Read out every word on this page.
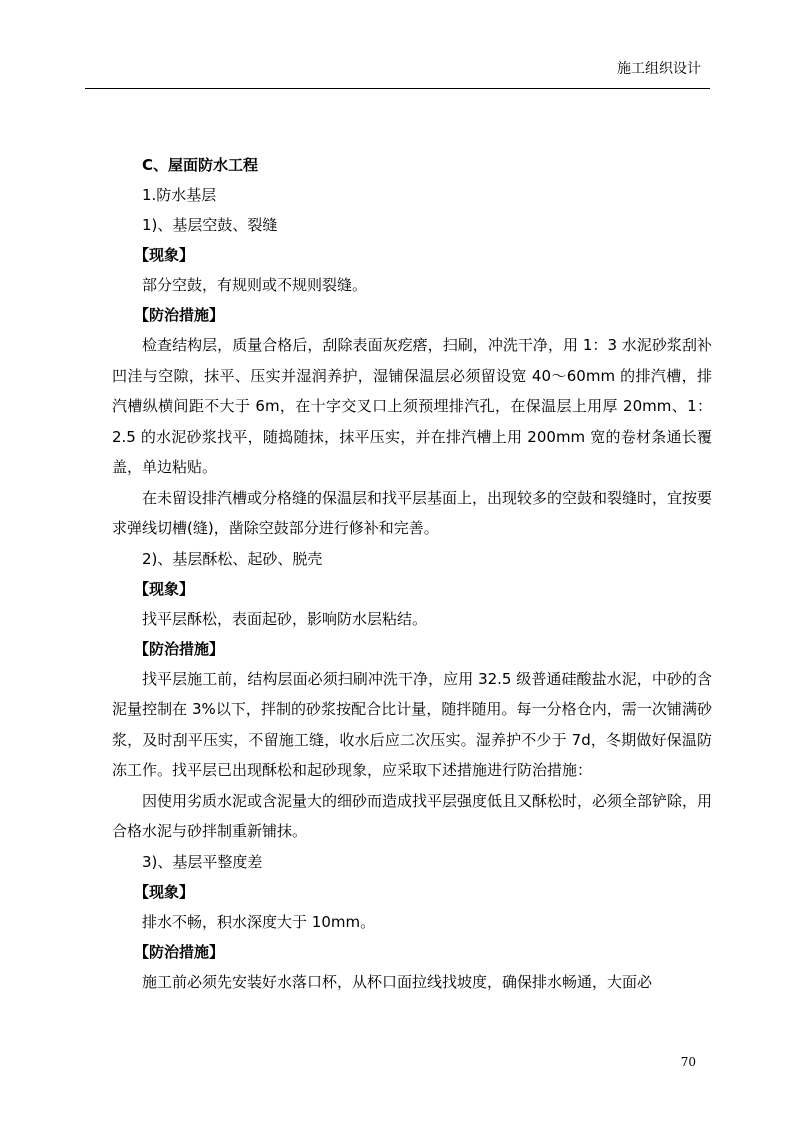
施工组织设计

C、屋面防水工程

1.防水基层

1)、基层空鼓、裂缝

【现象】

部分空鼓，有规则或不规则裂缝。

【防治措施】

检查结构层，质量合格后，刮除表面灰疙瘩，扫刷，冲洗干净，用 1：3 水泥砂浆刮补凹洼与空隙，抹平、压实并湿润养护，湿铺保温层必须留设宽 40～60mm 的排汽槽，排汽槽纵横间距不大于 6m，在十字交叉口上须预埋排汽孔，在保温层上用厚 20mm、1：2.5 的水泥砂浆找平，随捣随抹，抹平压实，并在排汽槽上用 200mm 宽的卷材条通长覆盖，单边粘贴。

在未留设排汽槽或分格缝的保温层和找平层基面上，出现较多的空鼓和裂缝时，宜按要求弹线切槽(缝)，凿除空鼓部分进行修补和完善。

2)、基层酥松、起砂、脱壳

【现象】

找平层酥松，表面起砂，影响防水层粘结。

【防治措施】

找平层施工前，结构层面必须扫刷冲洗干净，应用 32.5 级普通硅酸盐水泥，中砂的含泥量控制在 3%以下，拌制的砂浆按配合比计量，随拌随用。每一分格仓内，需一次铺满砂浆，及时刮平压实，不留施工缝，收水后应二次压实。湿养护不少于 7d，冬期做好保温防冻工作。找平层已出现酥松和起砂现象，应采取下述措施进行防治措施：

因使用劣质水泥或含泥量大的细砂而造成找平层强度低且又酥松时，必须全部铲除，用合格水泥与砂拌制重新铺抹。

3)、基层平整度差

【现象】

排水不畅，积水深度大于 10mm。

【防治措施】

施工前必须先安装好水落口杯，从杯口面拉线找坡度，确保排水畅通，大面必

70
